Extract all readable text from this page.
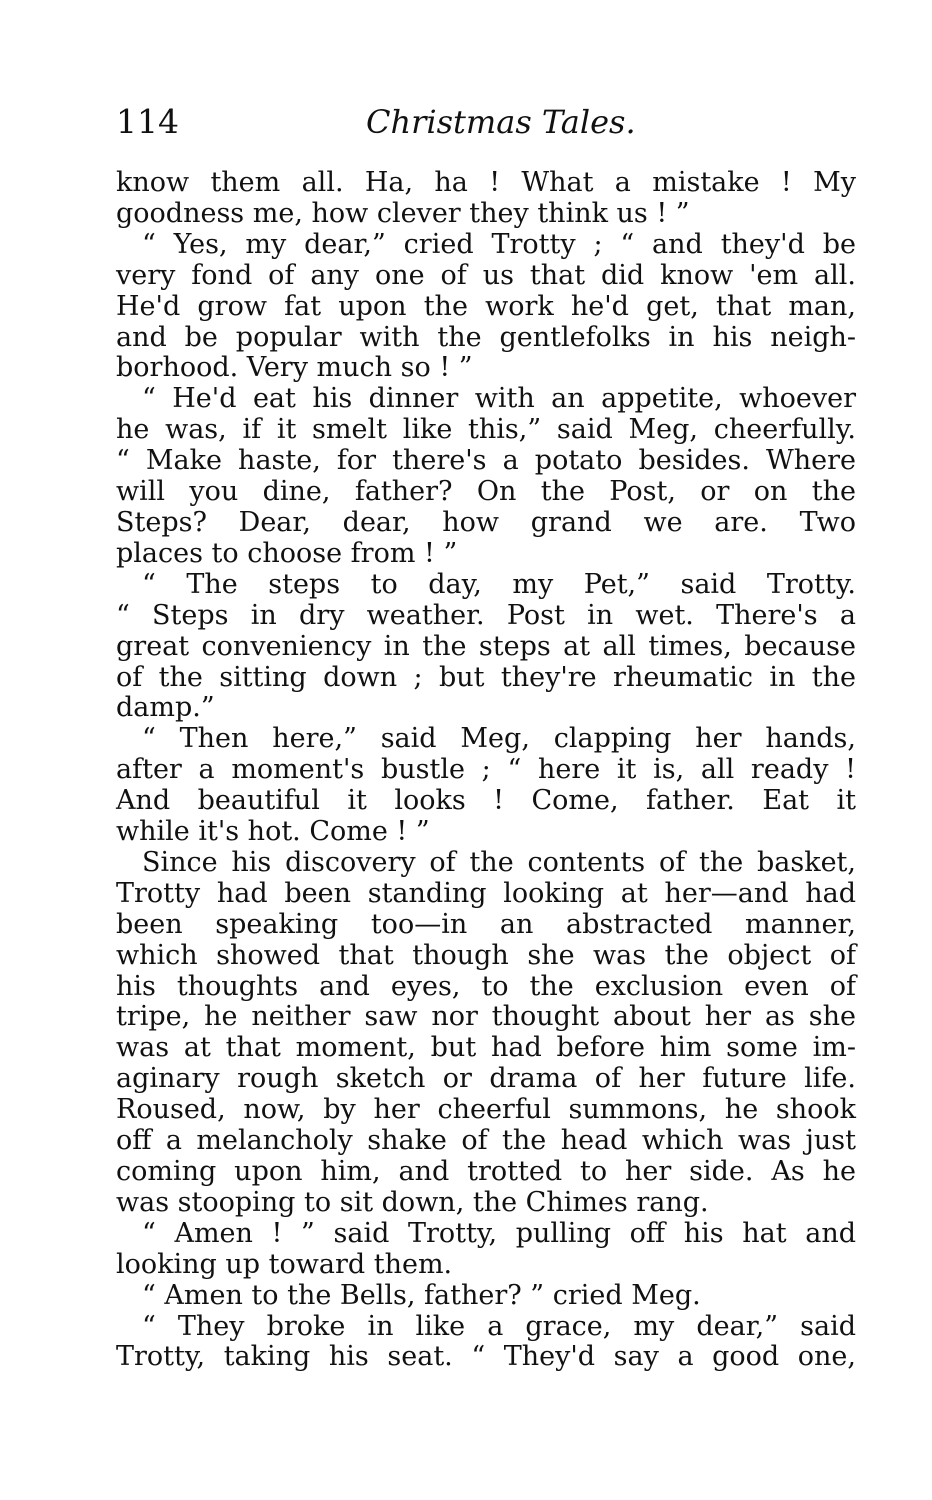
114	Christmas Tales.
know them all. Ha, ha ! What a mistake ! My
goodness me, how clever they think us ! ”
“ Yes, my dear,” cried Trotty ; “ and they'd be
very fond of any one of us that did know 'em all.
He'd grow fat upon the work he'd get, that man,
and be popular with the gentlefolks in his neigh-
borhood. Very much so ! ”
“ He'd eat his dinner with an appetite, whoever
he was, if it smelt like this,” said Meg, cheerfully.
“ Make haste, for there's a potato besides. Where
will you dine, father? On the Post, or on the
Steps? Dear, dear, how grand we are. Two
places to choose from ! ”
“ The steps to day, my Pet,” said Trotty.
“ Steps in dry weather. Post in wet. There's a
great conveniency in the steps at all times, because
of the sitting down ; but they're rheumatic in the
damp.”
“ Then here,” said Meg, clapping her hands,
after a moment's bustle ; “ here it is, all ready !
And beautiful it looks ! Come, father. Eat it
while it's hot. Come ! ”
Since his discovery of the contents of the basket,
Trotty had been standing looking at her—and had
been speaking too—in an abstracted manner,
which showed that though she was the object of
his thoughts and eyes, to the exclusion even of
tripe, he neither saw nor thought about her as she
was at that moment, but had before him some im-
aginary rough sketch or drama of her future life.
Roused, now, by her cheerful summons, he shook
off a melancholy shake of the head which was just
coming upon him, and trotted to her side. As he
was stooping to sit down, the Chimes rang.
“ Amen ! ” said Trotty, pulling off his hat and
looking up toward them.
“ Amen to the Bells, father? ” cried Meg.
“ They broke in like a grace, my dear,” said
Trotty, taking his seat. “ They'd say a good one,
